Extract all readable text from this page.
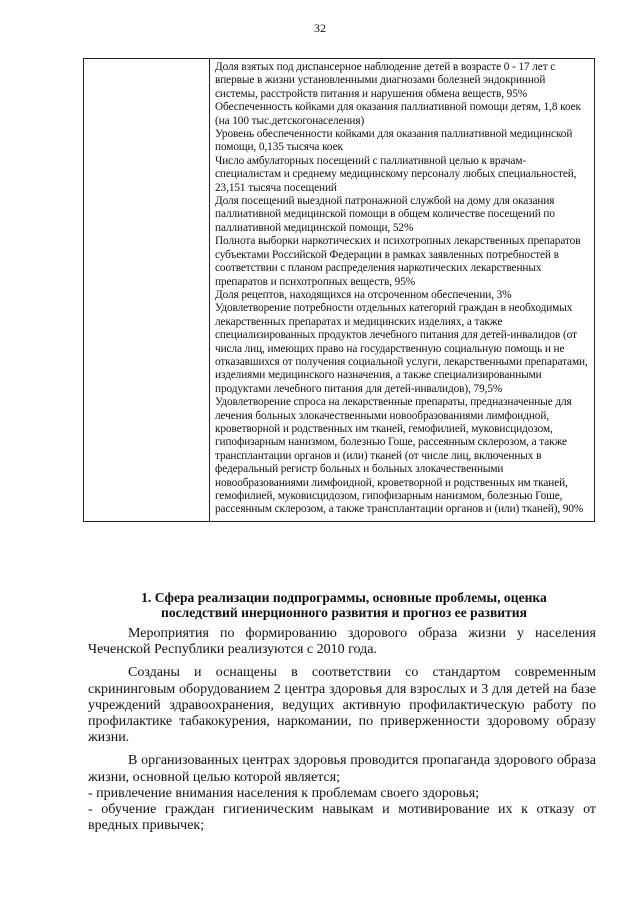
32

Доля взятых под диспансерное наблюдение детей в возрасте 0 - 17 лет с впервые в жизни установленными диагнозами болезней эндокринной системы, расстройств питания и нарушения обмена веществ, 95%
Обеспеченность койками для оказания паллиативной помощи детям, 1,8 коек (на 100 тыс.детскогонаселения)
Уровень обеспеченности койками для оказания паллиативной медицинской помощи, 0,135 тысяча коек
Число амбулаторных посещений с паллиативной целью к врачам-специалистам и среднему медицинскому персоналу любых специальностей, 23,151 тысяча посещений
Доля посещений выездной патронажной службой на дому для оказания паллиативной медицинской помощи в общем количестве посещений по паллиативной медицинской помощи, 52%
Полнота выборки наркотических и психотропных лекарственных препаратов субъектами Российской Федерации в рамках заявленных потребностей в соответствии с планом распределения наркотических лекарственных препаратов и психотропных веществ, 95%
Доля рецептов, находящихся на отсроченном обеспечении, 3%
Удовлетворение потребности отдельных категорий граждан в необходимых лекарственных препаратах и медицинских изделиях, а также специализированных продуктов лечебного питания для детей-инвалидов (от числа лиц, имеющих право на государственную социальную помощь и не отказавшихся от получения социальной услуги, лекарственными препаратами, изделиями медицинского назначения, а также специализированными продуктами лечебного питания для детей-инвалидов), 79,5%
Удовлетворение спроса на лекарственные препараты, предназначенные для лечения больных злокачественными новообразованиями лимфоидной, кроветворной и родственных им тканей, гемофилией, муковисцидозом, гипофизарным нанизмом, болезнью Гоше, рассеянным склерозом, а также трансплантации органов и (или) тканей (от числе лиц, включенных в федеральный регистр больных и больных злокачественными новообразованиями лимфоидной, кроветворной и родственных им тканей, гемофилией, муковисцидозом, гипофизарным нанизмом, болезнью Гоше, рассеянным склерозом, а также трансплантации органов и (или) тканей), 90%
1. Сфера реализации подпрограммы, основные проблемы, оценка
последствий инерционного развития и прогноз ее развития

Мероприятия по формированию здорового образа жизни у населения Чеченской Республики реализуются с 2010 года.

Созданы и оснащены в соответствии со стандартом современным скрининговым оборудованием 2 центра здоровья для взрослых и 3 для детей на базе учреждений здравоохранения, ведущих активную профилактическую работу по профилактике табакокурения, наркомании, по приверженности здоровому образу жизни.

В организованных центрах здоровья проводится пропаганда здорового образа жизни, основной целью которой является;

- привлечение внимания населения к проблемам своего здоровья;

- обучение граждан гигиеническим навыкам и мотивирование их к отказу от вредных привычек;
